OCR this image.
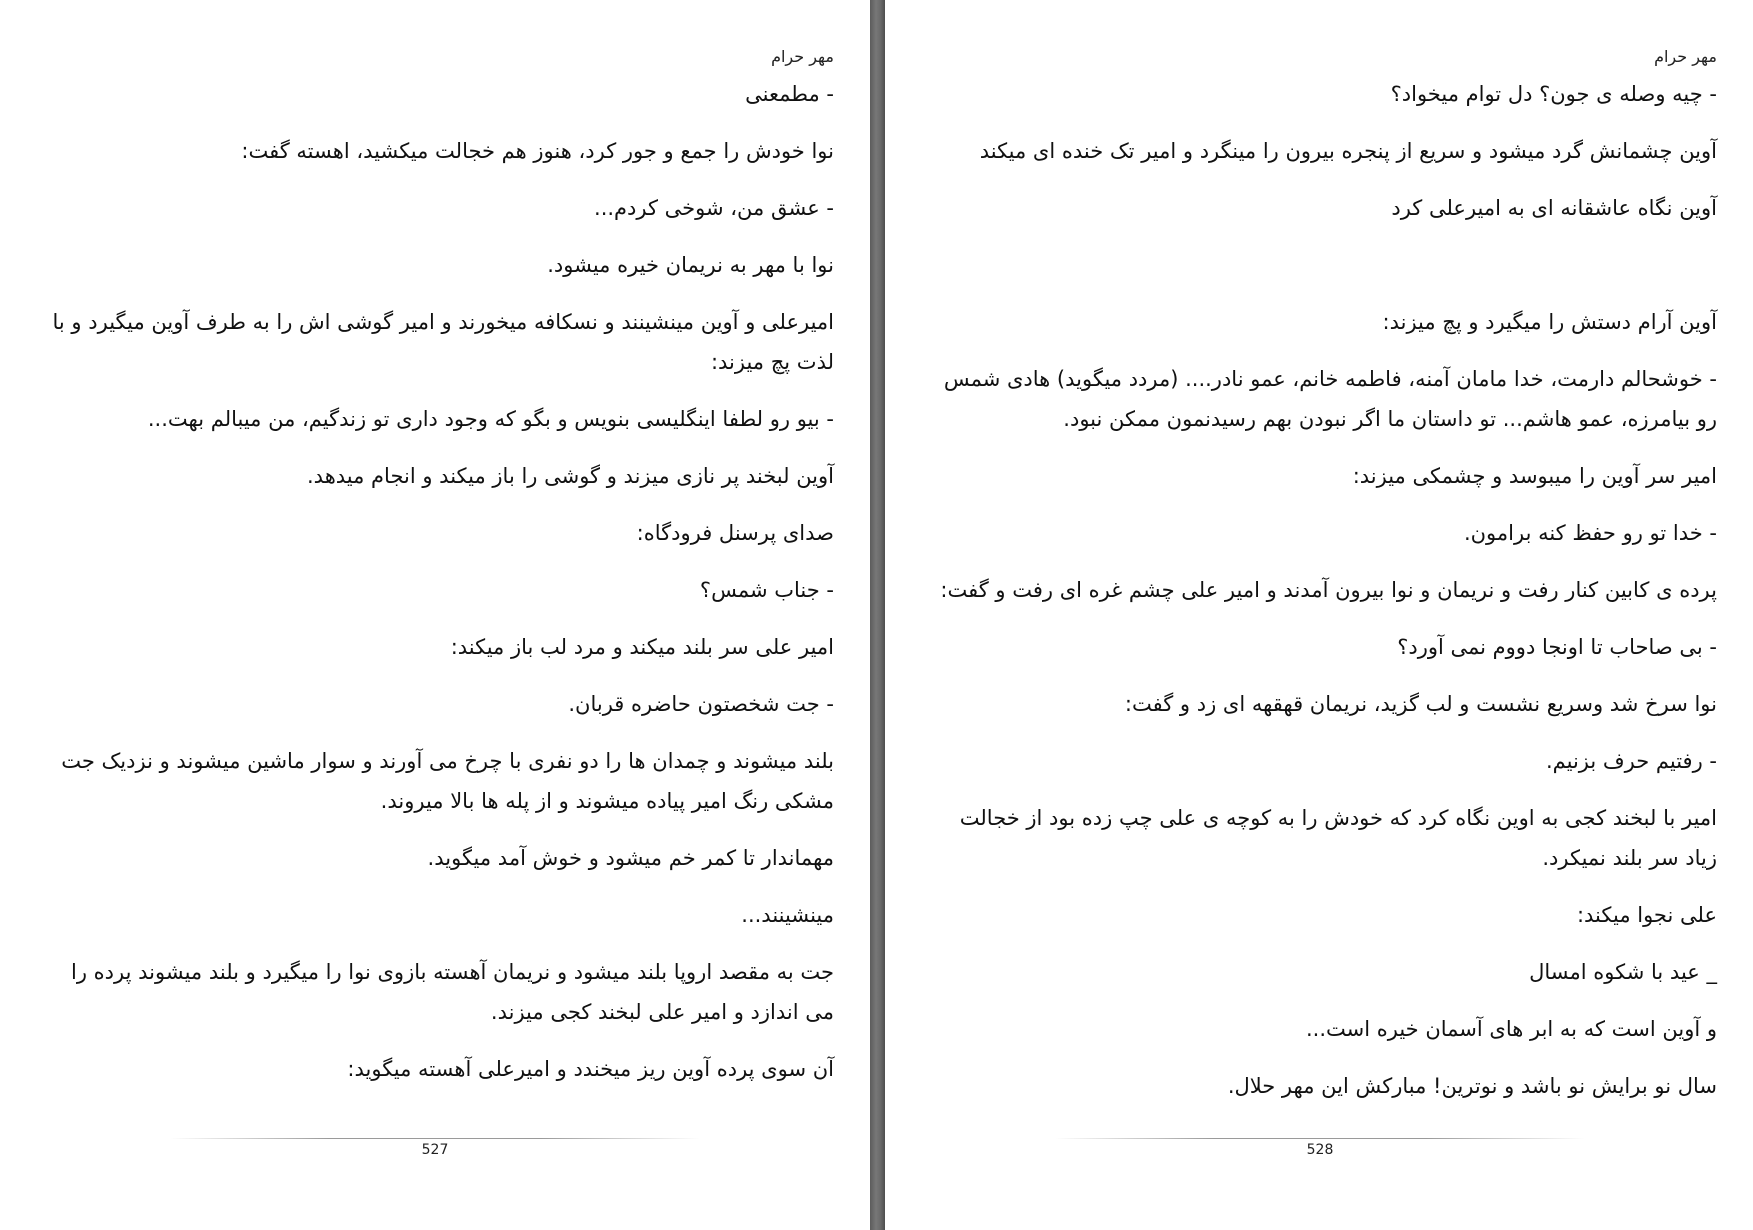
مهر حرام

- مطمعنی

نوا خودش را جمع و جور کرد، هنوز هم خجالت میکشید، اهسته گفت:

- عشق من، شوخی کردم...

نوا با مهر به نریمان خیره میشود.

امیرعلی و آوین مینشینند و نسکافه میخورند و امیر گوشی اش را به طرف آوین میگیرد و با لذت پچ میزند:

- بیو رو لطفا اینگلیسی بنویس و بگو که وجود داری تو زندگیم، من میبالم بهت...

آوین لبخند پر نازی میزند و گوشی را باز میکند و انجام میدهد.

صدای پرسنل فرودگاه:

- جناب شمس؟

امیر علی سر بلند میکند و مرد لب باز میکند:

- جت شخصتون حاضره قربان.

بلند میشوند و چمدان ها را دو نفری با چرخ می آورند و سوار ماشین میشوند و نزدیک جت مشکی رنگ امیر پیاده میشوند و از پله ها بالا میروند.

مهماندار تا کمر خم میشود و خوش آمد میگوید.

مینشینند...

جت به مقصد اروپا بلند میشود و نریمان آهسته بازوی نوا را میگیرد و بلند میشوند پرده را می اندازد و امیر علی لبخند کجی میزند.

آن سوی پرده آوین ریز میخندد و امیرعلی آهسته میگوید:

527
مهر حرام

- چیه وصله ی جون؟ دل توام میخواد؟

آوین چشمانش گرد میشود و سریع از پنجره بیرون را مینگرد و امیر تک خنده ای میکند

آوین نگاه عاشقانه ای به امیرعلی کرد

آوین آرام دستش را میگیرد و پچ میزند:

- خوشحالم دارمت، خدا مامان آمنه، فاطمه خانم، عمو نادر.... (مردد میگوید) هادی شمس رو بیامرزه، عمو هاشم... تو داستان ما اگر نبودن بهم رسیدنمون ممکن نبود.

امیر سر آوین را میبوسد و چشمکی میزند:

- خدا تو رو حفظ کنه برامون.

پرده ی کابین کنار رفت و نریمان و نوا بیرون آمدند و امیر علی چشم غره ای رفت و گفت:

- بی صاحاب تا اونجا دووم نمی آورد؟

نوا سرخ شد وسریع نشست و لب گزید، نریمان قهقهه ای زد و گفت:

- رفتیم حرف بزنیم.

امیر با لبخند کجی به اوین نگاه کرد که خودش را به کوچه ی علی چپ زده بود از خجالت زیاد سر بلند نمیکرد.

علی نجوا میکند:

_ عید با شکوه امسال

و آوین است که به ابر های آسمان خیره است...

سال نو برایش نو باشد و نوترین! مبارکش این مهر حلال.

528
